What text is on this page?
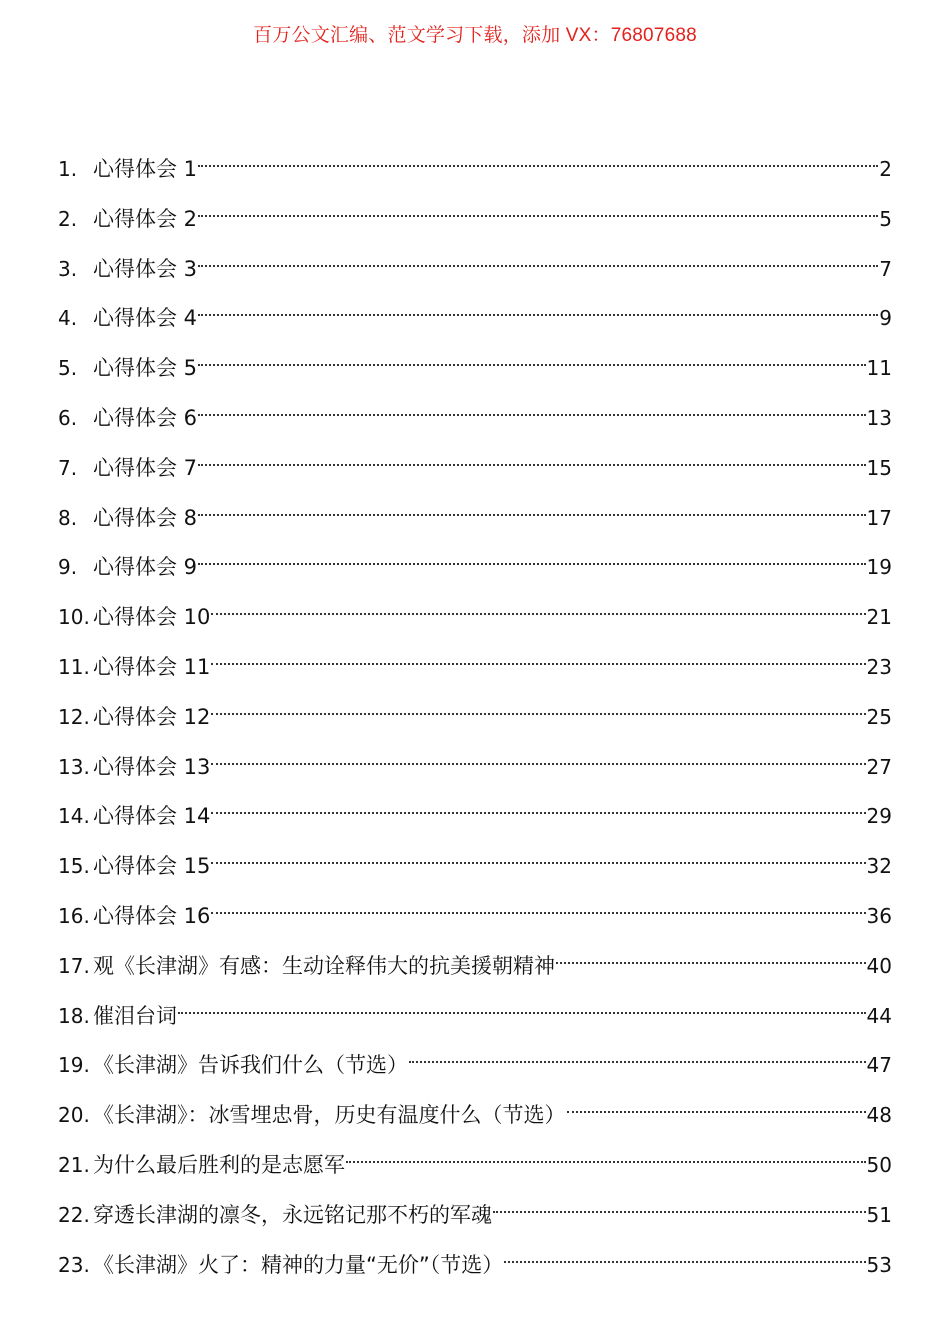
百万公文汇编、范文学习下载，添加 VX：76807688
1. 心得体会 1	2
2. 心得体会 2	5
3. 心得体会 3	7
4. 心得体会 4	9
5. 心得体会 5	11
6. 心得体会 6	13
7. 心得体会 7	15
8. 心得体会 8	17
9. 心得体会 9	19
10. 心得体会 10	21
11. 心得体会 11	23
12. 心得体会 12	25
13. 心得体会 13	27
14. 心得体会 14	29
15. 心得体会 15	32
16. 心得体会 16	36
17. 观《长津湖》有感：生动诠释伟大的抗美援朝精神	40
18. 催泪台词	44
19. 《长津湖》告诉我们什么（节选）	47
20. 《长津湖》：冰雪埋忠骨，历史有温度什么（节选）	48
21. 为什么最后胜利的是志愿军	50
22. 穿透长津湖的凛冬，永远铭记那不朽的军魂	51
23. 《长津湖》火了：精神的力量“无价”（节选）	53
